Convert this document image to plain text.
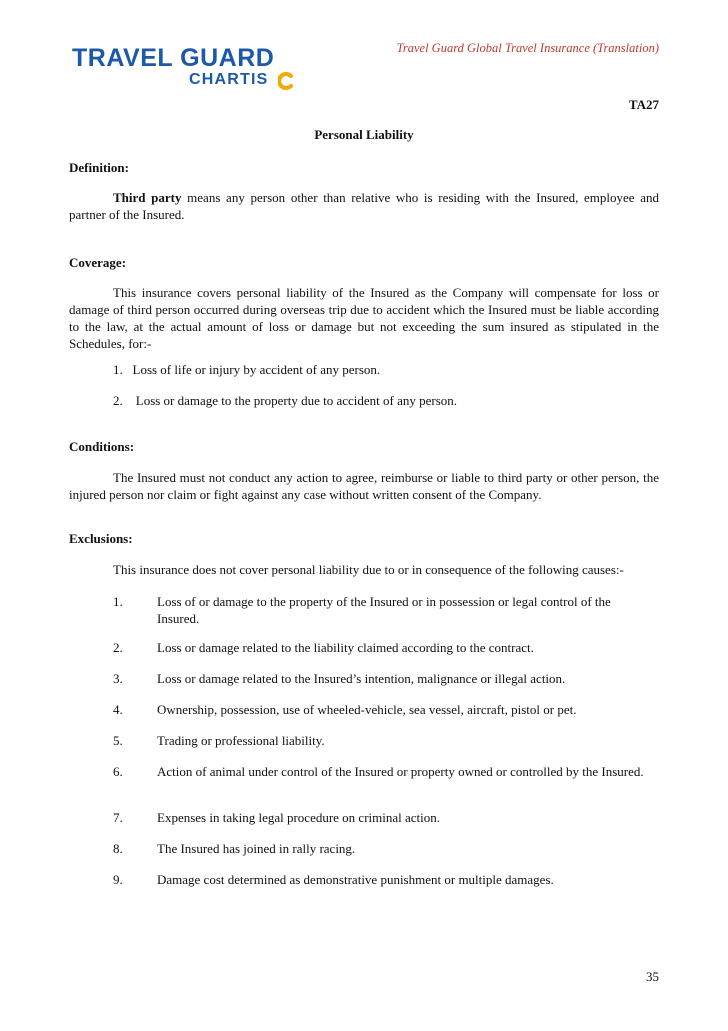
TRAVEL GUARD
CHARTIS
Travel Guard Global Travel Insurance (Translation)
TA27
Personal Liability
Definition:
Third party means any person other than relative who is residing with the Insured, employee and partner of the Insured.
Coverage:
This insurance covers personal liability of the Insured as the Company will compensate for loss or damage of third person occurred during overseas trip due to accident which the Insured must be liable according to the law, at the actual amount of loss or damage but not exceeding the sum insured as stipulated in the Schedules, for:-
1.   Loss of life or injury by accident of any person.
2.    Loss or damage to the property due to accident of any person.
Conditions:
The Insured must not conduct any action to agree, reimburse or liable to third party or other person, the injured person nor claim or fight against any case without written consent of the Company.
Exclusions:
This insurance does not cover personal liability due to or in consequence of the following causes:-
1.	Loss of or damage to the property of the Insured or in possession or legal control of the Insured.
2.	Loss or damage related to the liability claimed according to the contract.
3.	Loss or damage related to the Insured’s intention, malignance or illegal action.
4.	Ownership, possession, use of wheeled-vehicle, sea vessel, aircraft, pistol or pet.
5.	Trading or professional liability.
6.	Action of animal under control of the Insured or property owned or controlled by the Insured.
7.	Expenses in taking legal procedure on criminal action.
8.	The Insured has joined in rally racing.
9.	Damage cost determined as demonstrative punishment or multiple damages.
35
